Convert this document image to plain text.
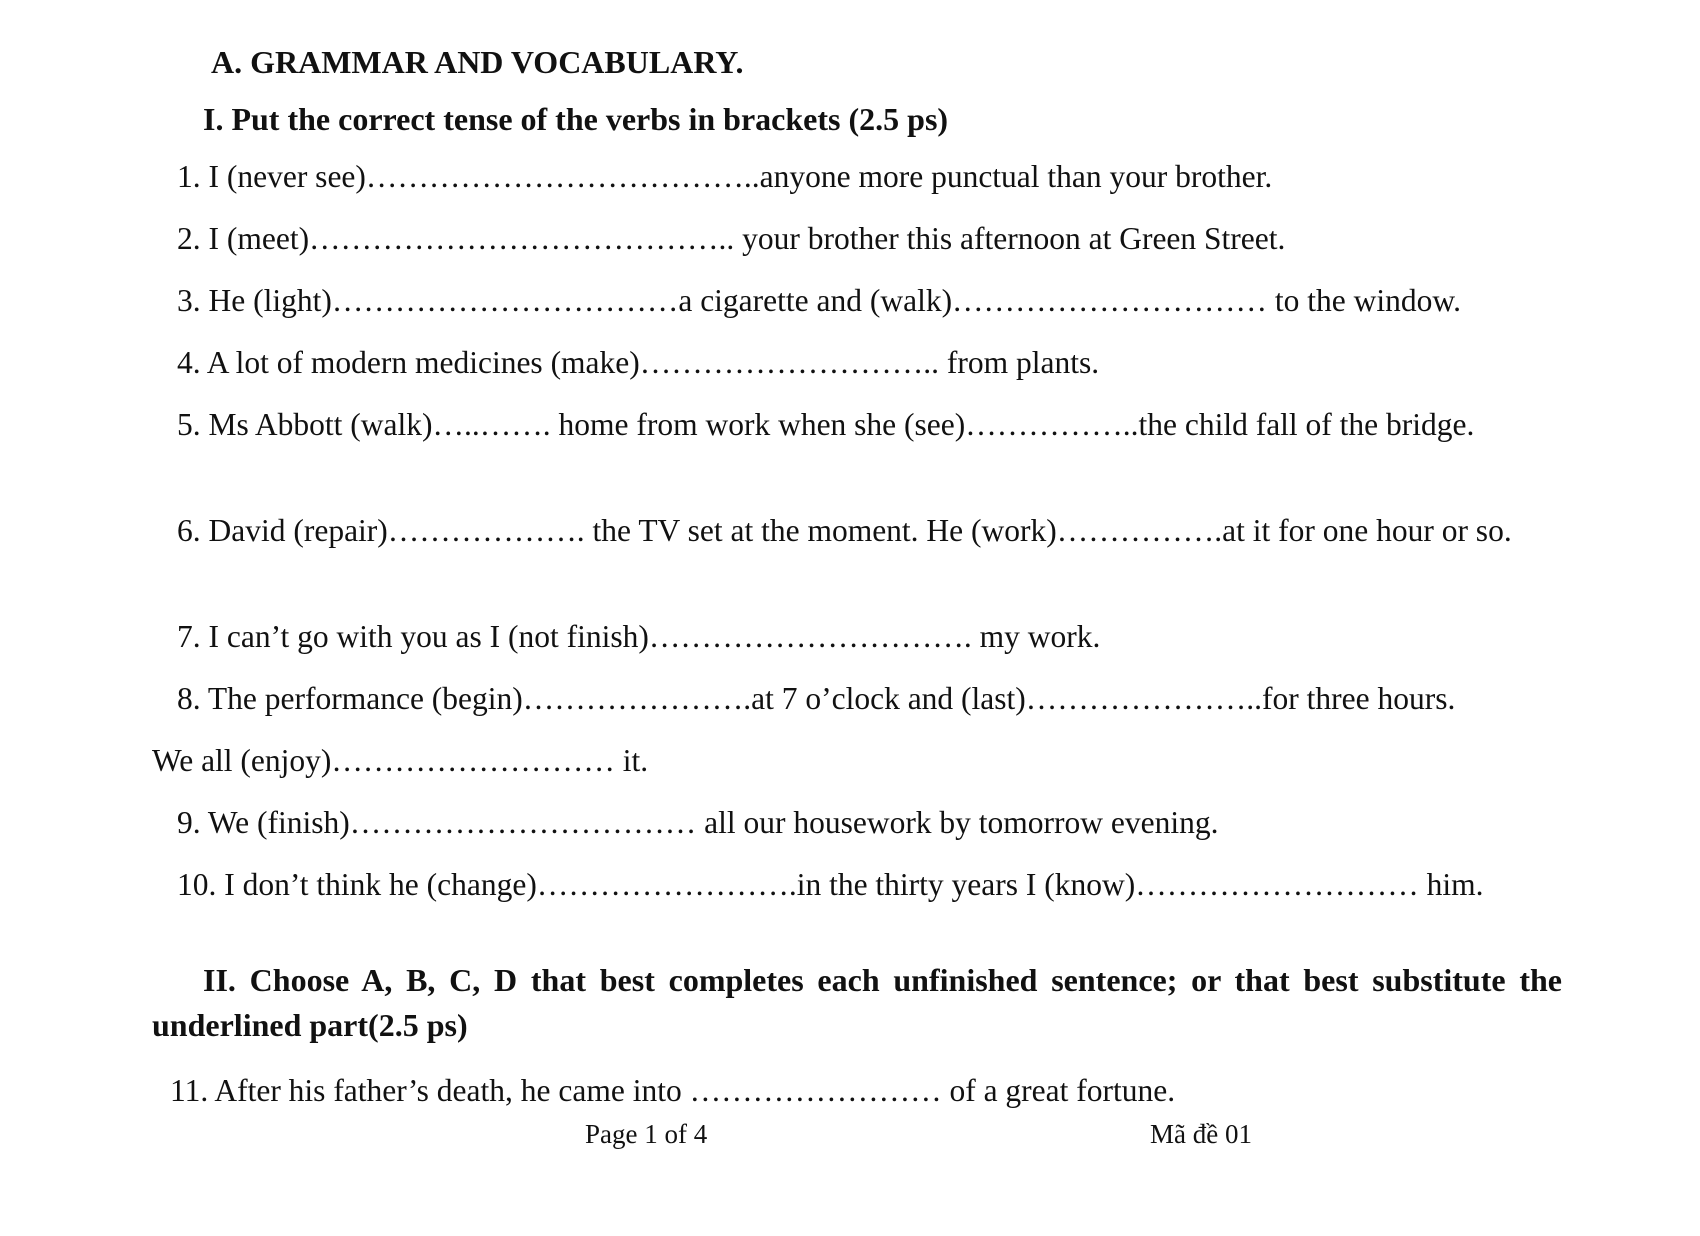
A. GRAMMAR AND VOCABULARY.
I. Put the correct tense of the verbs in brackets (2.5 ps)
1. I (never see)………………………………..anyone more punctual than your brother.
2. I (meet)………………………………….. your brother this afternoon at Green Street.
3. He (light)……………………………a cigarette and (walk)………………………… to the window.
4. A lot of modern medicines (make)……………………….. from plants.
5. Ms Abbott (walk)…..……. home from work when she (see)……………..the child fall of the bridge.
6. David (repair)………………. the TV set at the moment. He (work)…………….at it for one hour or so.
7. I can’t go with you as I (not finish)…………………………. my work.
8. The performance (begin)………………….at 7 o’clock and (last)…………………..for three hours.
We all (enjoy)……………………… it.
9. We (finish)…………………………… all our housework by tomorrow evening.
10. I don’t think he (change)…………………….in the thirty years I (know)……………………… him.
II. Choose A, B, C, D that best completes each unfinished sentence; or that best substitute the underlined part(2.5 ps)
11. After his father’s death, he came into …………………… of a great fortune.
Page 1 of 4	Mã đề 01
